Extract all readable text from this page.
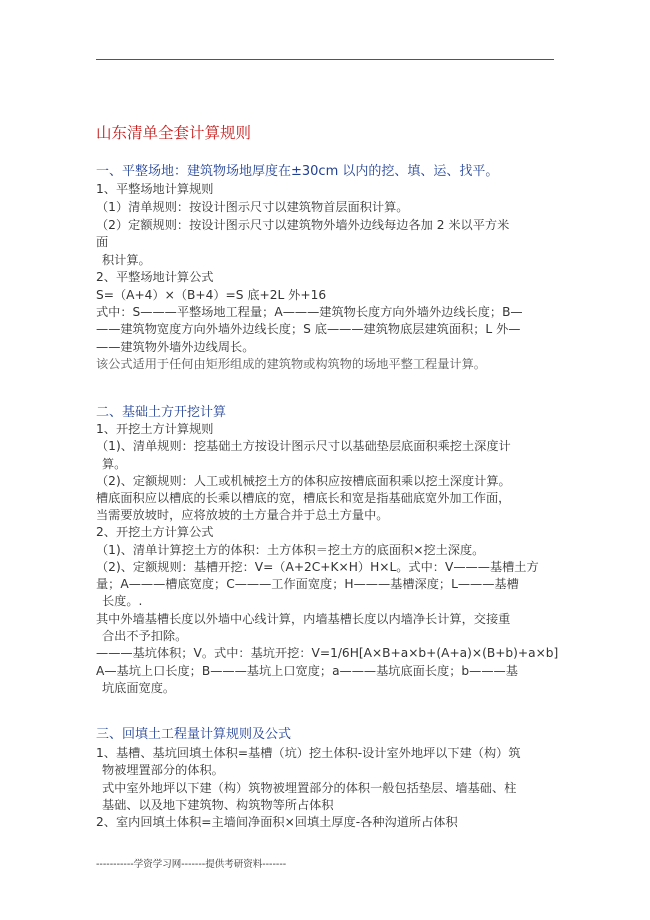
山东清单全套计算规则
一、平整场地：建筑物场地厚度在±30cm 以内的挖、填、运、找平。
1、平整场地计算规则
（1）清单规则：按设计图示尺寸以建筑物首层面积计算。
（2）定额规则：按设计图示尺寸以建筑物外墙外边线每边各加 2 米以平方米
面
积计算。
2、平整场地计算公式
S=（A+4）×（B+4）=S 底+2L 外+16
式中：S———平整场地工程量；A———建筑物长度方向外墙外边线长度；B—
——建筑物宽度方向外墙外边线长度；S 底———建筑物底层建筑面积；L 外—
——建筑物外墙外边线周长。
该公式适用于任何由矩形组成的建筑物或构筑物的场地平整工程量计算。
二、基础土方开挖计算
1、开挖土方计算规则
（1)、清单规则：挖基础土方按设计图示尺寸以基础垫层底面积乘挖土深度计
算。
（2)、定额规则：人工或机械挖土方的体积应按槽底面积乘以挖土深度计算。
槽底面积应以槽底的长乘以槽底的宽，槽底长和宽是指基础底宽外加工作面，
当需要放坡时，应将放坡的土方量合并于总土方量中。
2、开挖土方计算公式
（1)、清单计算挖土方的体积：土方体积＝挖土方的底面积×挖土深度。
（2)、定额规则：基槽开挖：V=（A+2C+K×H）H×L。式中：V———基槽土方
量；A———槽底宽度；C———工作面宽度；H———基槽深度；L———基槽
长度。.
其中外墙基槽长度以外墙中心线计算，内墙基槽长度以内墙净长计算，交接重
合出不予扣除。
———基坑体积；V。式中：基坑开挖：V=1/6H[A×B+a×b+(A+a)×(B+b)+a×b]
A—基坑上口长度；B———基坑上口宽度；a———基坑底面长度；b———基
坑底面宽度。
三、回填土工程量计算规则及公式
1、基槽、基坑回填土体积=基槽（坑）挖土体积-设计室外地坪以下建（构）筑
物被埋置部分的体积。
式中室外地坪以下建（构）筑物被埋置部分的体积一般包括垫层、墙基础、柱
基础、以及地下建筑物、构筑物等所占体积
2、室内回填土体积=主墙间净面积×回填土厚度-各种沟道所占体积
-----------学资学习网-------提供考研资料-------
